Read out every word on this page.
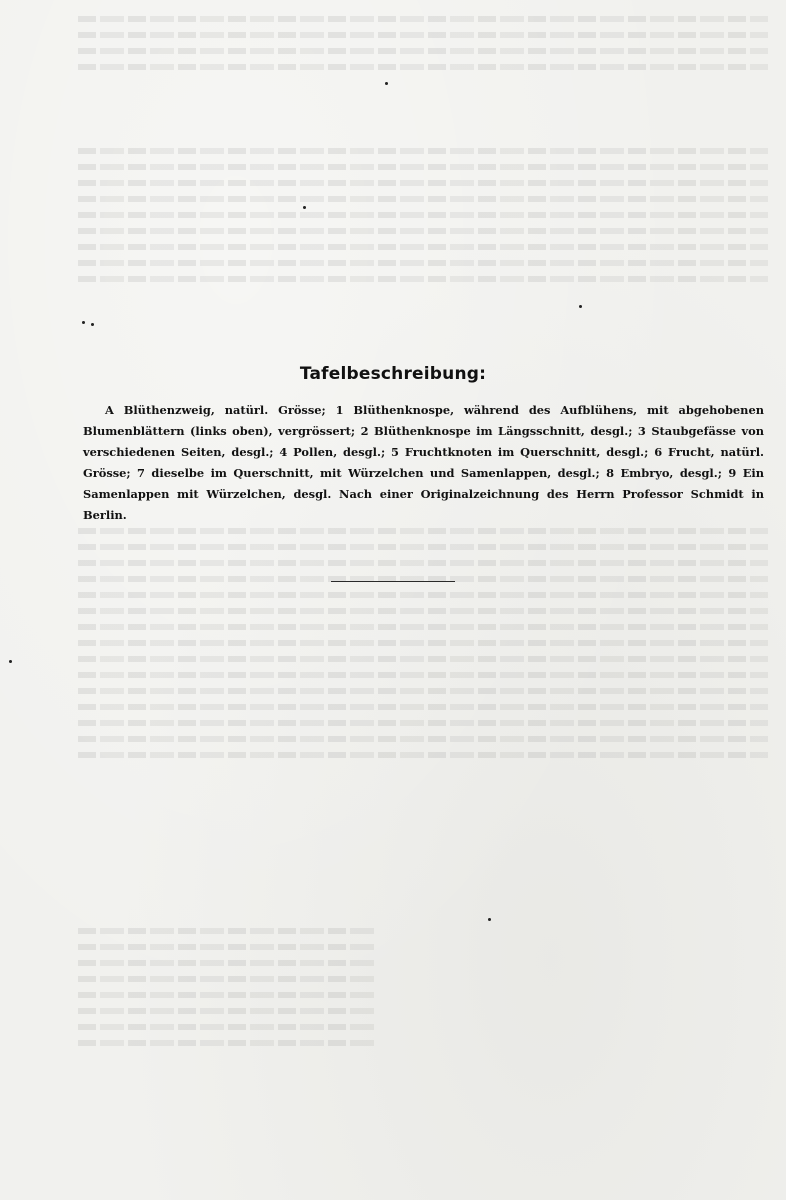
Tafelbeschreibung:
A Blüthenzweig, natürl. Grösse; 1 Blüthenknospe, während des Aufblühens, mit abgehobenen Blumenblättern (links oben), vergrössert; 2 Blüthenknospe im Längsschnitt, desgl.; 3 Staubgefässe von verschiedenen Seiten, desgl.; 4 Pollen, desgl.; 5 Fruchtknoten im Querschnitt, desgl.; 6 Frucht, natürl. Grösse; 7 dieselbe im Querschnitt, mit Würzelchen und Samenlappen, desgl.; 8 Embryo, desgl.; 9 Ein Samenlappen mit Würzelchen, desgl. Nach einer Originalzeichnung des Herrn Professor Schmidt in Berlin.
